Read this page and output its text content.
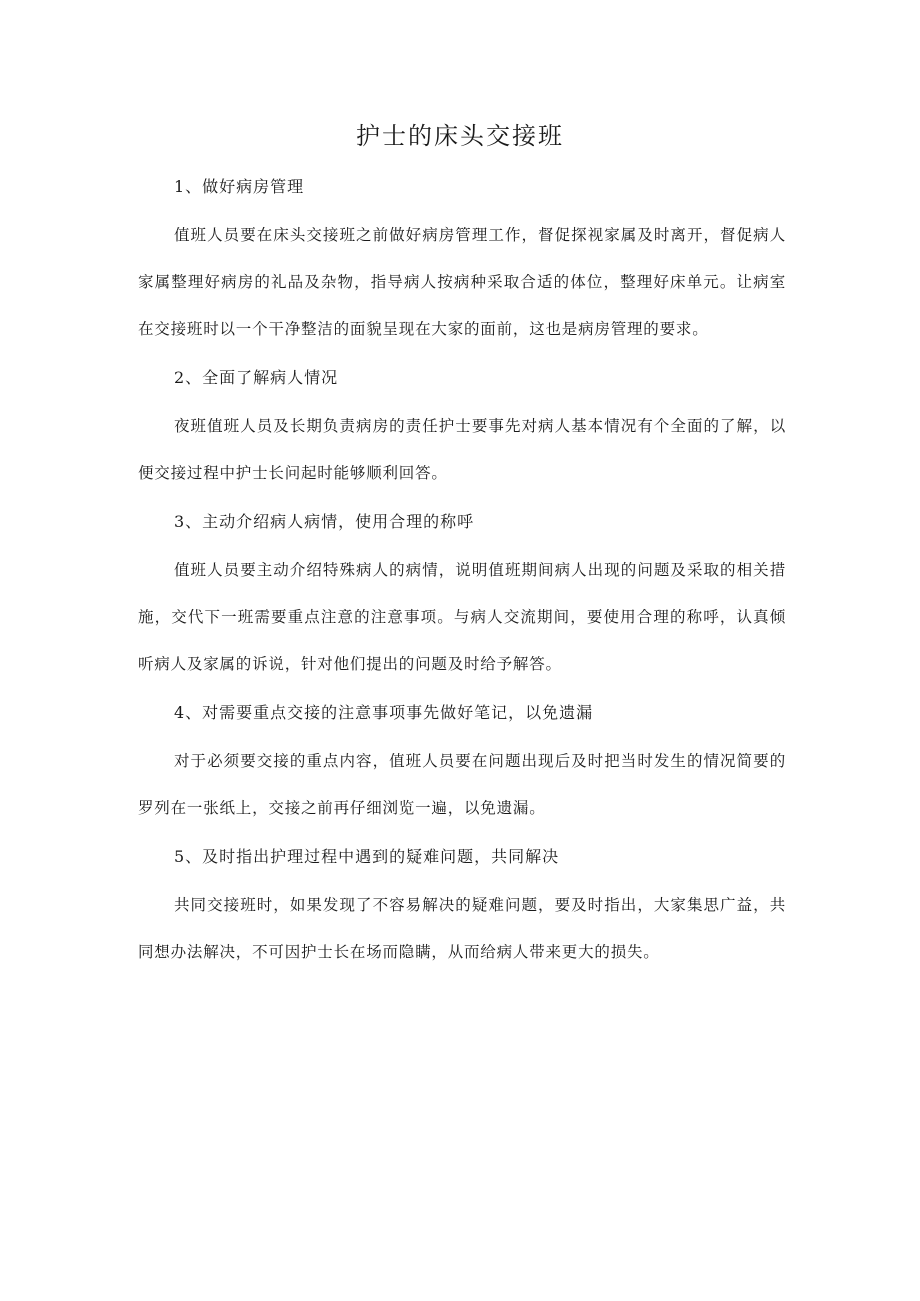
护士的床头交接班

1、做好病房管理

值班人员要在床头交接班之前做好病房管理工作，督促探视家属及时离开，督促病人家属整理好病房的礼品及杂物，指导病人按病种采取合适的体位，整理好床单元。让病室在交接班时以一个干净整洁的面貌呈现在大家的面前，这也是病房管理的要求。

2、全面了解病人情况

夜班值班人员及长期负责病房的责任护士要事先对病人基本情况有个全面的了解，以便交接过程中护士长问起时能够顺利回答。

3、主动介绍病人病情，使用合理的称呼

值班人员要主动介绍特殊病人的病情，说明值班期间病人出现的问题及采取的相关措施，交代下一班需要重点注意的注意事项。与病人交流期间，要使用合理的称呼，认真倾听病人及家属的诉说，针对他们提出的问题及时给予解答。

4、对需要重点交接的注意事项事先做好笔记，以免遗漏

对于必须要交接的重点内容，值班人员要在问题出现后及时把当时发生的情况简要的罗列在一张纸上，交接之前再仔细浏览一遍，以免遗漏。

5、及时指出护理过程中遇到的疑难问题，共同解决

共同交接班时，如果发现了不容易解决的疑难问题，要及时指出，大家集思广益，共同想办法解决，不可因护士长在场而隐瞒，从而给病人带来更大的损失。
